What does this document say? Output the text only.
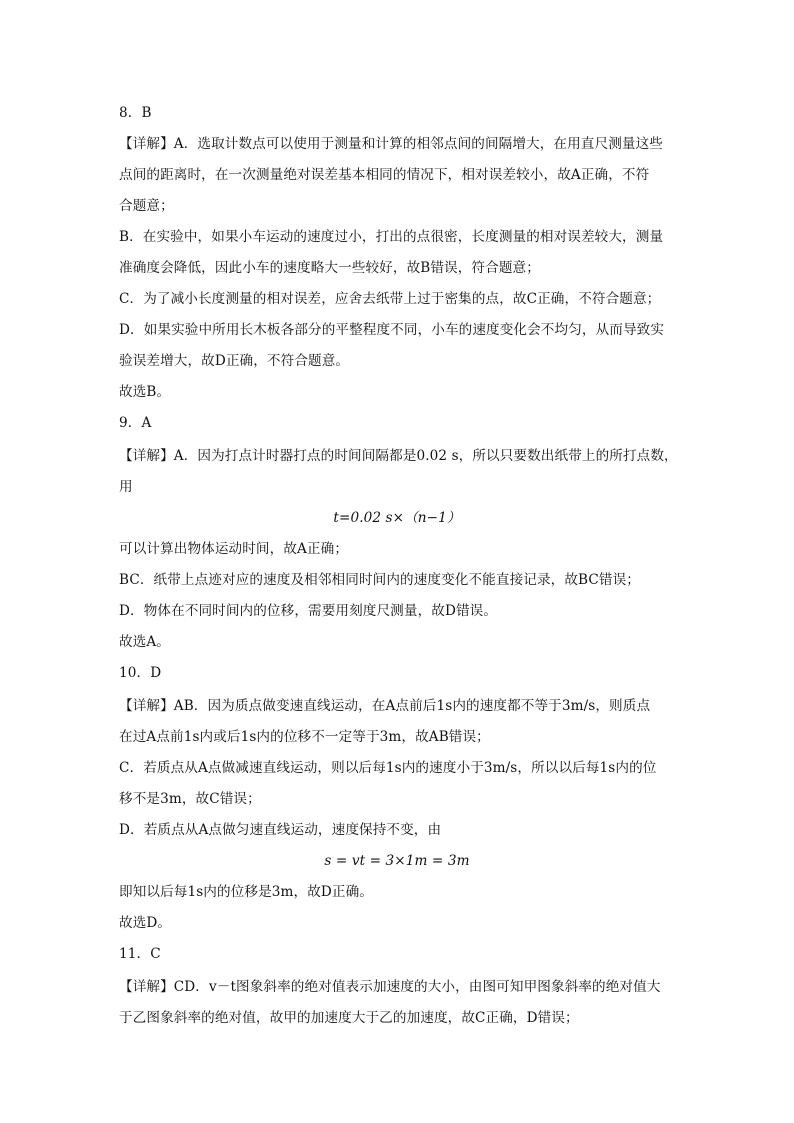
8．B
【详解】A．选取计数点可以使用于测量和计算的相邻点间的间隔增大，在用直尺测量这些
点间的距离时，在一次测量绝对误差基本相同的情况下，相对误差较小，故A正确，不符
合题意；
B．在实验中，如果小车运动的速度过小，打出的点很密，长度测量的相对误差较大，测量
准确度会降低，因此小车的速度略大一些较好，故B错误，符合题意；
C．为了减小长度测量的相对误差，应舍去纸带上过于密集的点，故C正确，不符合题意；
D．如果实验中所用长木板各部分的平整程度不同，小车的速度变化会不均匀，从而导致实
验误差增大，故D正确，不符合题意。
故选B。
9．A
【详解】A．因为打点计时器打点的时间间隔都是0.02 s，所以只要数出纸带上的所打点数，
用
t=0.02 s×（n−1）
可以计算出物体运动时间，故A正确；
BC．纸带上点迹对应的速度及相邻相同时间内的速度变化不能直接记录，故BC错误；
D．物体在不同时间内的位移，需要用刻度尺测量，故D错误。
故选A。
10．D
【详解】AB．因为质点做变速直线运动，在A点前后1s内的速度都不等于3m/s，则质点
在过A点前1s内或后1s内的位移不一定等于3m，故AB错误；
C．若质点从A点做减速直线运动，则以后每1s内的速度小于3m/s，所以以后每1s内的位
移不是3m，故C错误；
D．若质点从A点做匀速直线运动，速度保持不变，由
s = vt = 3×1m = 3m
即知以后每1s内的位移是3m，故D正确。
故选D。
11．C
【详解】CD．v－t图象斜率的绝对值表示加速度的大小，由图可知甲图象斜率的绝对值大
于乙图象斜率的绝对值，故甲的加速度大于乙的加速度，故C正确，D错误；
